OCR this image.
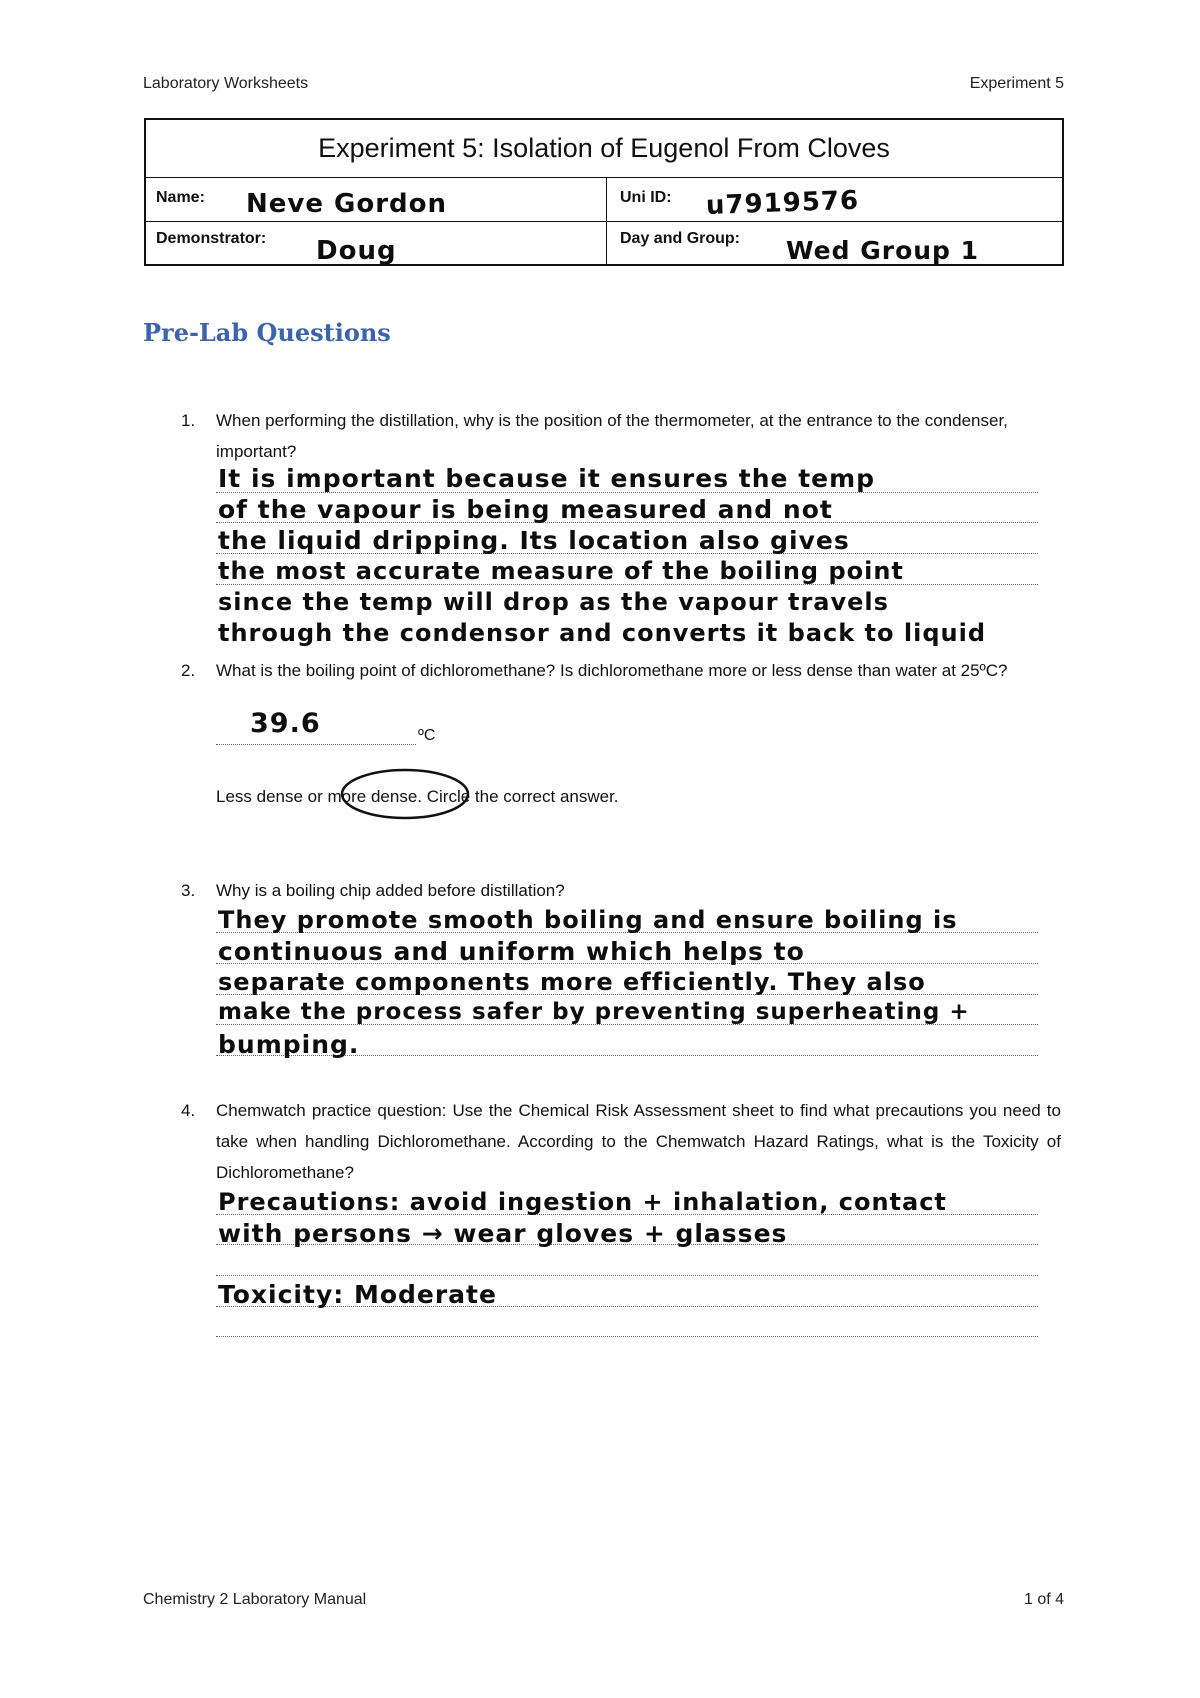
Laboratory Worksheets	Experiment 5
Experiment 5: Isolation of Eugenol From Cloves
Name: Neve Gordon	Uni ID: u7919576
Demonstrator: Doug	Day and Group: Wed Group 1
Pre-Lab Questions
1. When performing the distillation, why is the position of the thermometer, at the entrance to the condenser, important?
It is important because it ensures the temp
of the vapour is being measured and not
the liquid dripping. Its location also gives
the most accurate measure of the boiling point
since the temp will drop as the vapour travels
through the condensor and converts it back to liquid
2. What is the boiling point of dichloromethane? Is dichloromethane more or less dense than water at 25ºC?
39.6	ºC
Less dense or more dense. Circle the correct answer.
3. Why is a boiling chip added before distillation?
They promote smooth boiling and ensure boiling is
continuous and uniform which helps to
separate components more efficiently. They also
make the process safer by preventing superheating +
bumping.
4. Chemwatch practice question: Use the Chemical Risk Assessment sheet to find what precautions you need to take when handling Dichloromethane. According to the Chemwatch Hazard Ratings, what is the Toxicity of Dichloromethane?
Precautions: avoid ingestion + inhalation, contact
with persons → wear gloves + glasses
Toxicity: Moderate
Chemistry 2 Laboratory Manual	1 of 4
